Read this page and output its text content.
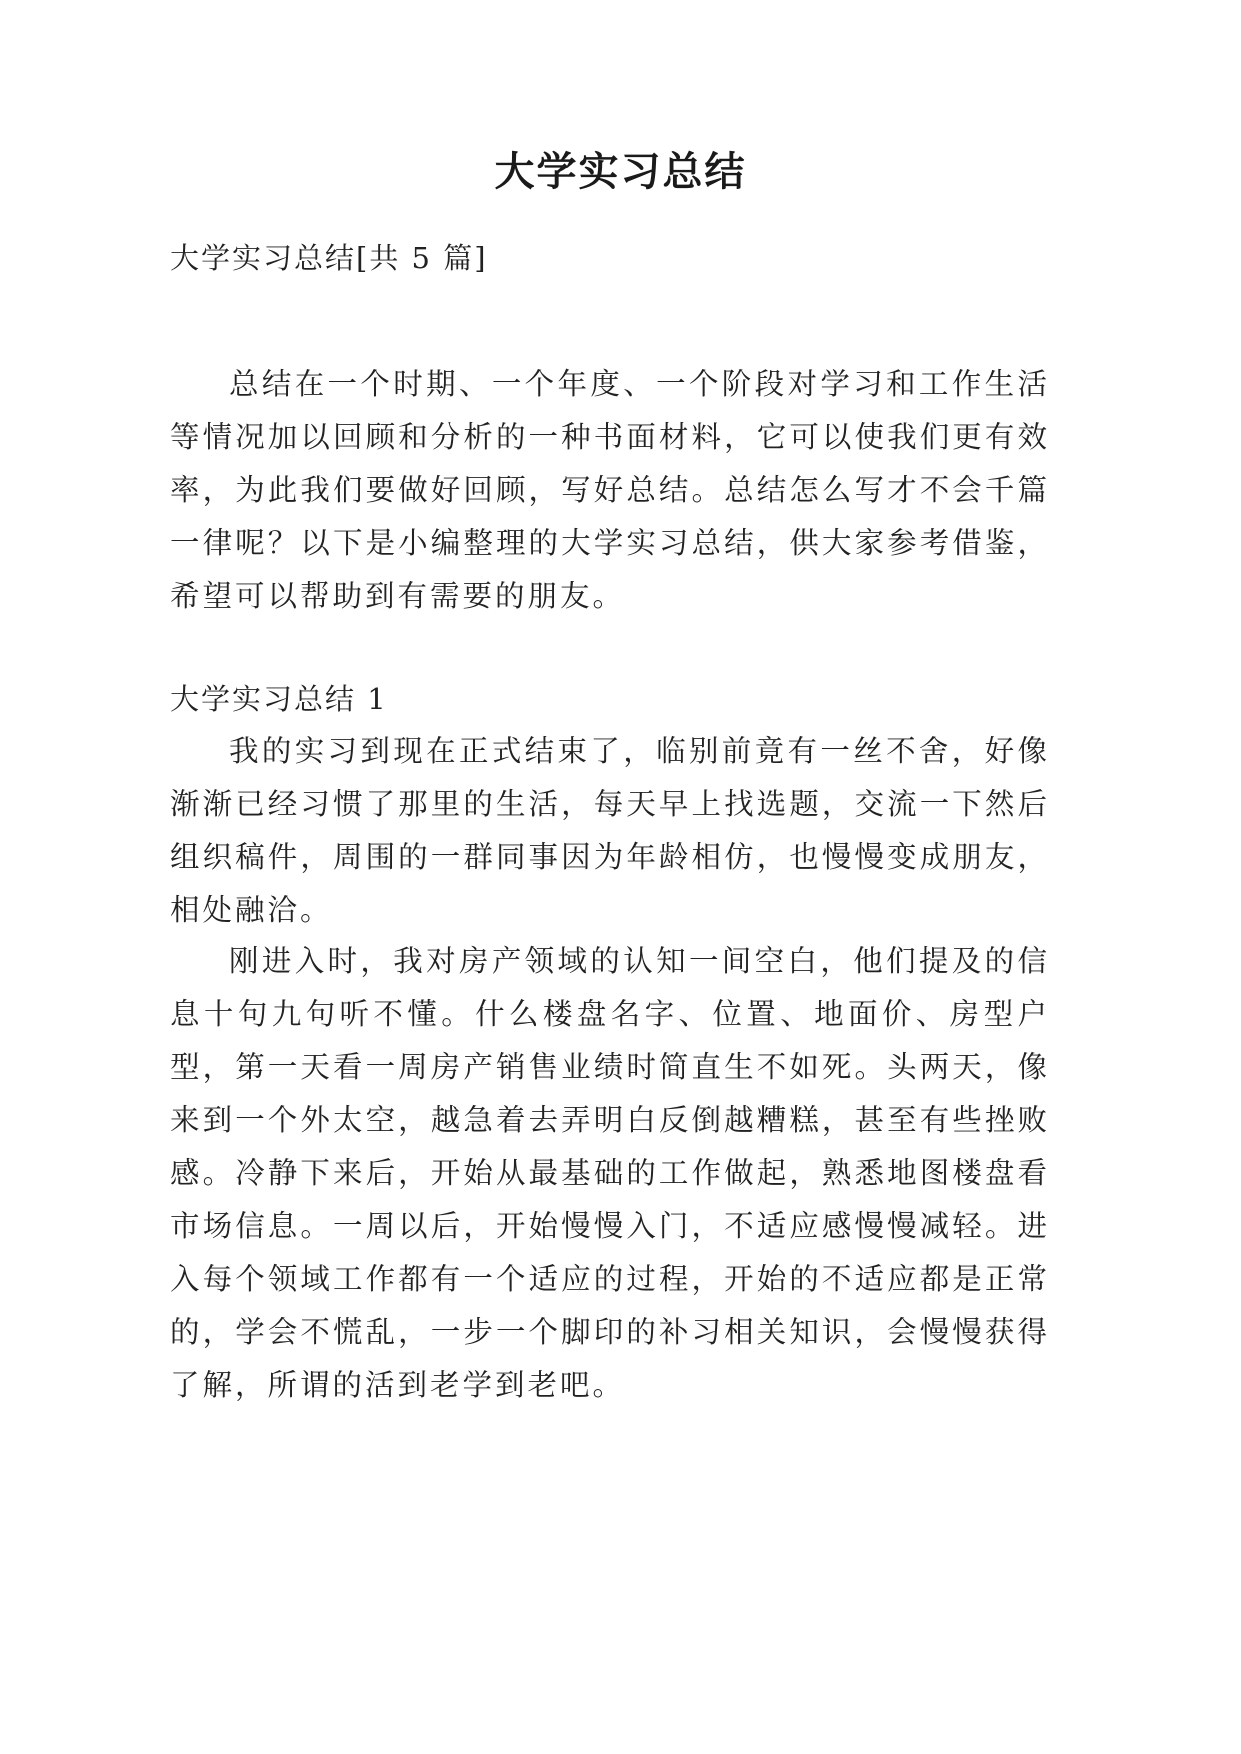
大学实习总结

大学实习总结[共 5 篇]

总结在一个时期、一个年度、一个阶段对学习和工作生活等情况加以回顾和分析的一种书面材料，它可以使我们更有效率，为此我们要做好回顾，写好总结。总结怎么写才不会千篇一律呢？以下是小编整理的大学实习总结，供大家参考借鉴，希望可以帮助到有需要的朋友。

大学实习总结 1

我的实习到现在正式结束了，临别前竟有一丝不舍，好像渐渐已经习惯了那里的生活，每天早上找选题，交流一下然后组织稿件，周围的一群同事因为年龄相仿，也慢慢变成朋友，相处融洽。

刚进入时，我对房产领域的认知一间空白，他们提及的信息十句九句听不懂。什么楼盘名字、位置、地面价、房型户型，第一天看一周房产销售业绩时简直生不如死。头两天，像来到一个外太空，越急着去弄明白反倒越糟糕，甚至有些挫败感。冷静下来后，开始从最基础的工作做起，熟悉地图楼盘看市场信息。一周以后，开始慢慢入门，不适应感慢慢减轻。进入每个领域工作都有一个适应的过程，开始的不适应都是正常的，学会不慌乱，一步一个脚印的补习相关知识，会慢慢获得了解，所谓的活到老学到老吧。
